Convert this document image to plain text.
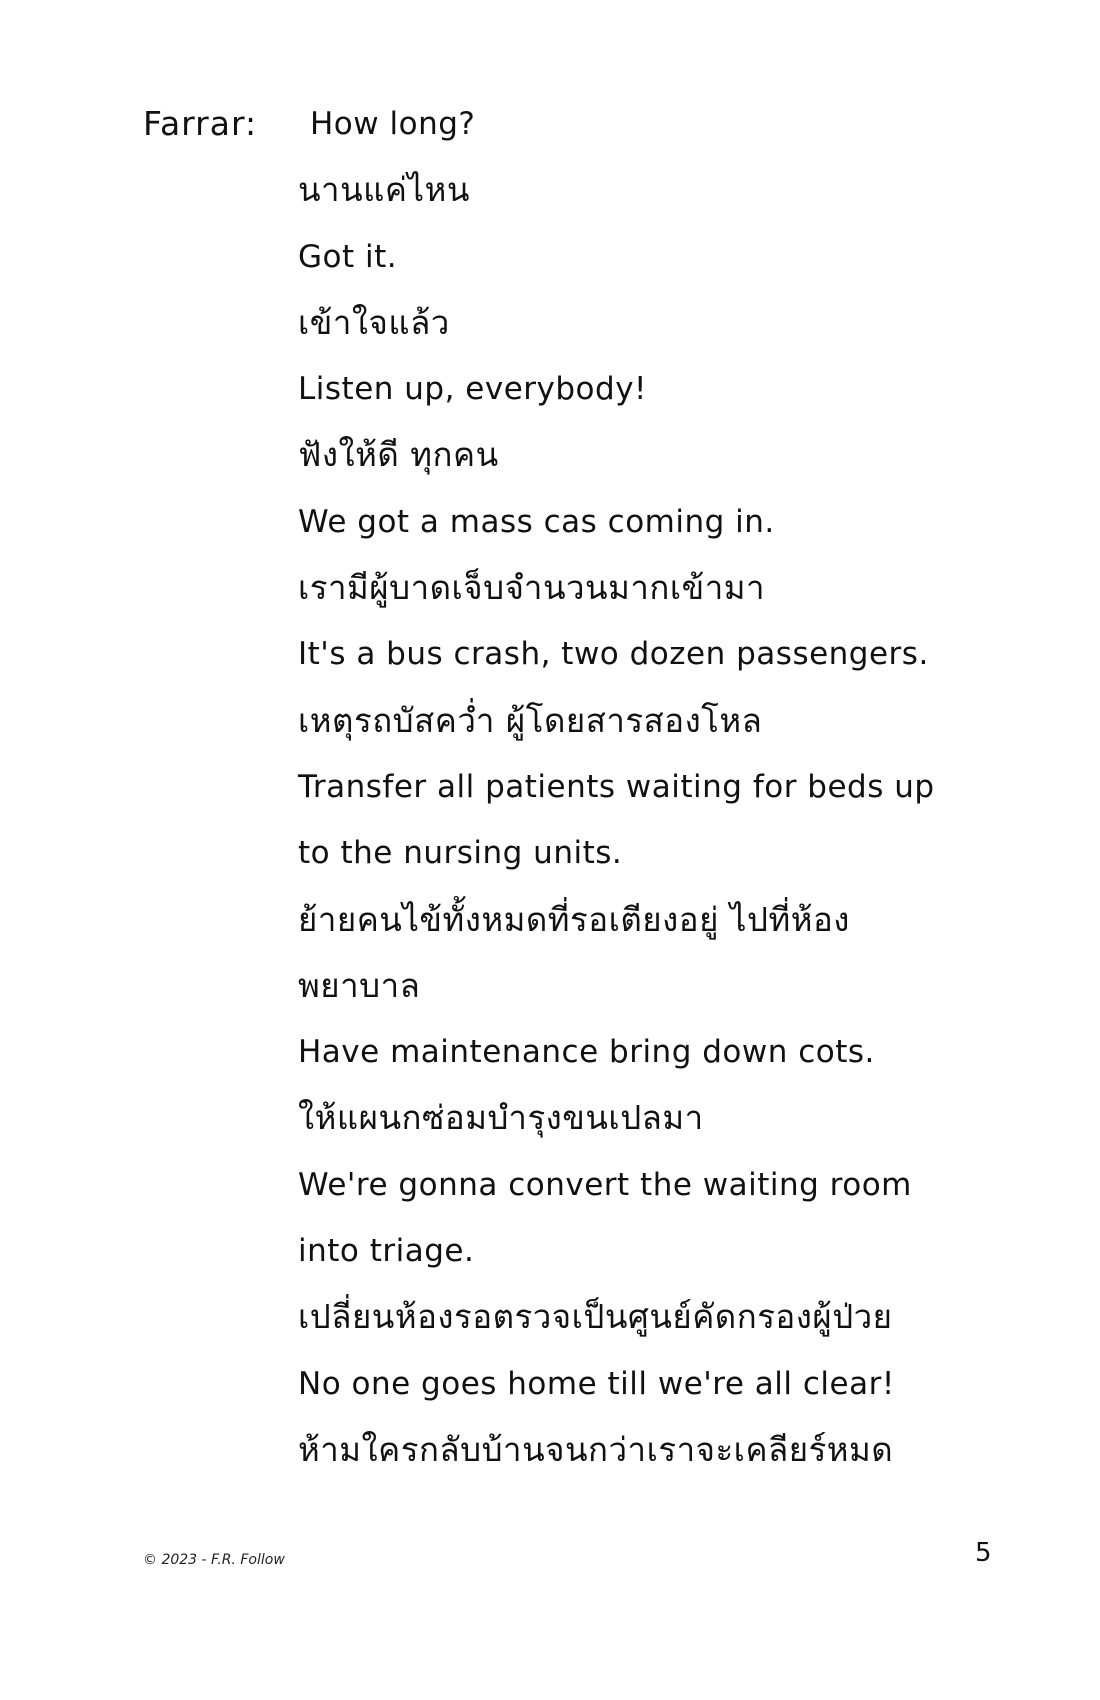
Farrar:	How long?
นานแค่ไหน
Got it.
เข้าใจแล้ว
Listen up, everybody!
ฟังให้ดี ทุกคน
We got a mass cas coming in.
เรามีผู้บาดเจ็บจำนวนมากเข้ามา
It's a bus crash, two dozen passengers.
เหตุรถบัสคว่ำ ผู้โดยสารสองโหล
Transfer all patients waiting for beds up
to the nursing units.
ย้ายคนไข้ทั้งหมดที่รอเตียงอยู่ ไปที่ห้อง
พยาบาล
Have maintenance bring down cots.
ให้แผนกซ่อมบำรุงขนเปลมา
We're gonna convert the waiting room
into triage.
เปลี่ยนห้องรอตรวจเป็นศูนย์คัดกรองผู้ป่วย
No one goes home till we're all clear!
ห้ามใครกลับบ้านจนกว่าเราจะเคลียร์หมด
© 2023 - F.R. Follow	5
